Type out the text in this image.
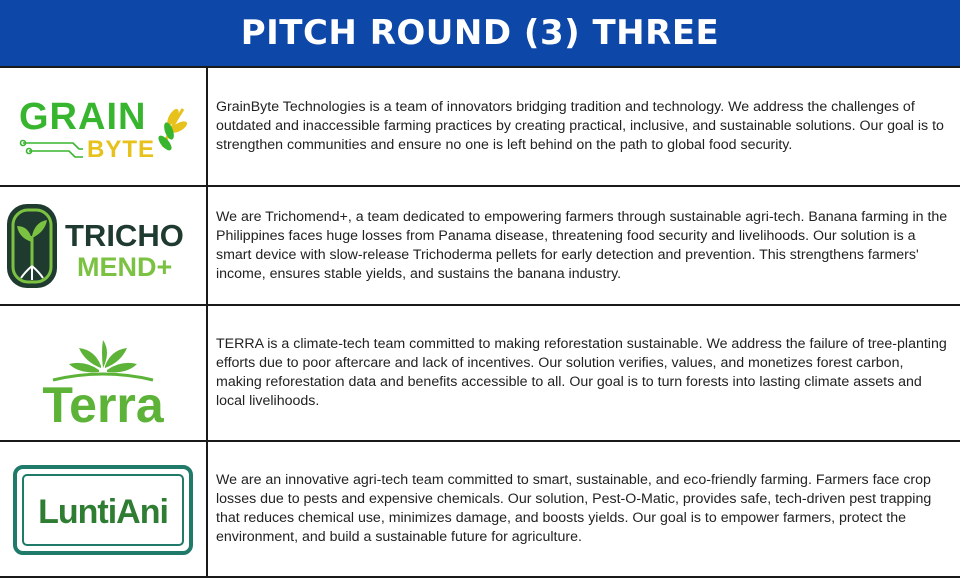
PITCH ROUND (3) THREE
GRAIN
BYTE	GrainByte Technologies is a team of innovators bridging tradition and technology. We address the challenges of outdated and inaccessible farming practices by creating practical, inclusive, and sustainable solutions. Our goal is to strengthen communities and ensure no one is left behind on the path to global food security.

TRICHO
MEND+	We are Trichomend+, a team dedicated to empowering farmers through sustainable agri-tech. Banana farming in the Philippines faces huge losses from Panama disease, threatening food security and livelihoods. Our solution is a smart device with slow-release Trichoderma pellets for early detection and prevention. This strengthens farmers' income, ensures stable yields, and sustains the banana industry.

Terra	TERRA is a climate-tech team committed to making reforestation sustainable. We address the failure of tree-planting efforts due to poor aftercare and lack of incentives. Our solution verifies, values, and monetizes forest carbon, making reforestation data and benefits accessible to all. Our goal is to turn forests into lasting climate assets and local livelihoods.

LuntiAni	We are an innovative agri-tech team committed to smart, sustainable, and eco-friendly farming. Farmers face crop losses due to pests and expensive chemicals. Our solution, Pest-O-Matic, provides safe, tech-driven pest trapping that reduces chemical use, minimizes damage, and boosts yields. Our goal is to empower farmers, protect the environment, and build a sustainable future for agriculture.
